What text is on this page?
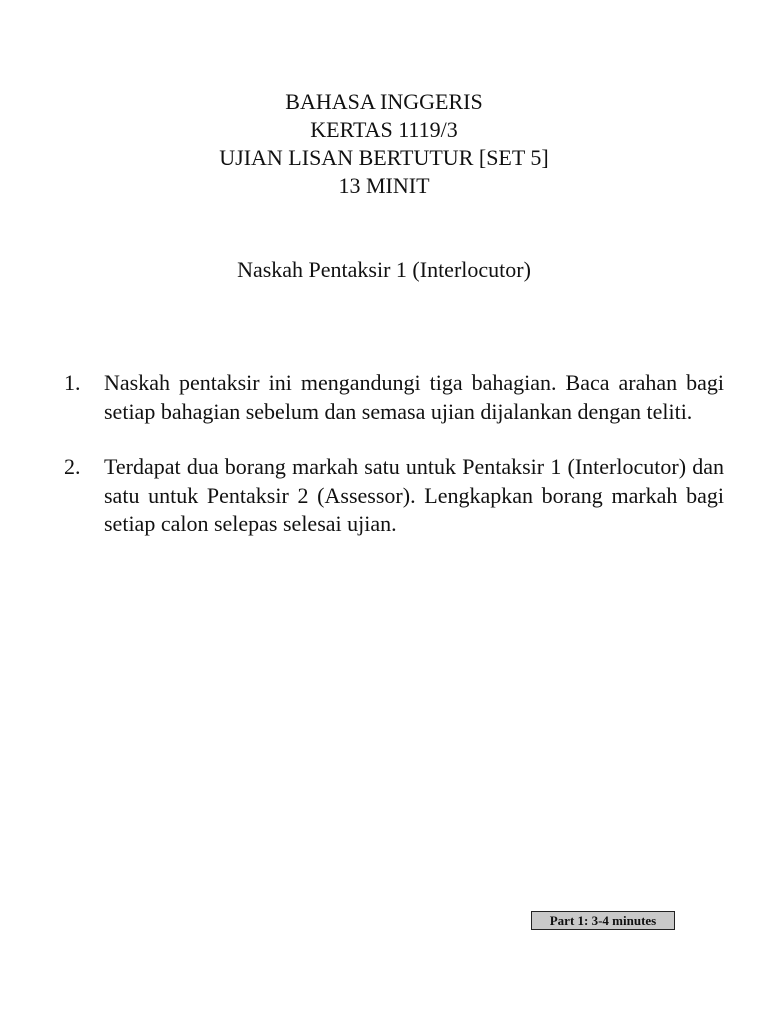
BAHASA INGGERIS
KERTAS 1119/3
UJIAN LISAN BERTUTUR [SET 5]
13 MINIT
Naskah Pentaksir 1 (Interlocutor)
1.	Naskah pentaksir ini mengandungi tiga bahagian. Baca arahan bagi setiap bahagian sebelum dan semasa ujian dijalankan dengan teliti.
2.	Terdapat dua borang markah satu untuk Pentaksir 1 (Interlocutor) dan satu untuk Pentaksir 2 (Assessor). Lengkapkan borang markah bagi setiap calon selepas selesai ujian.
Part 1: 3-4 minutes
